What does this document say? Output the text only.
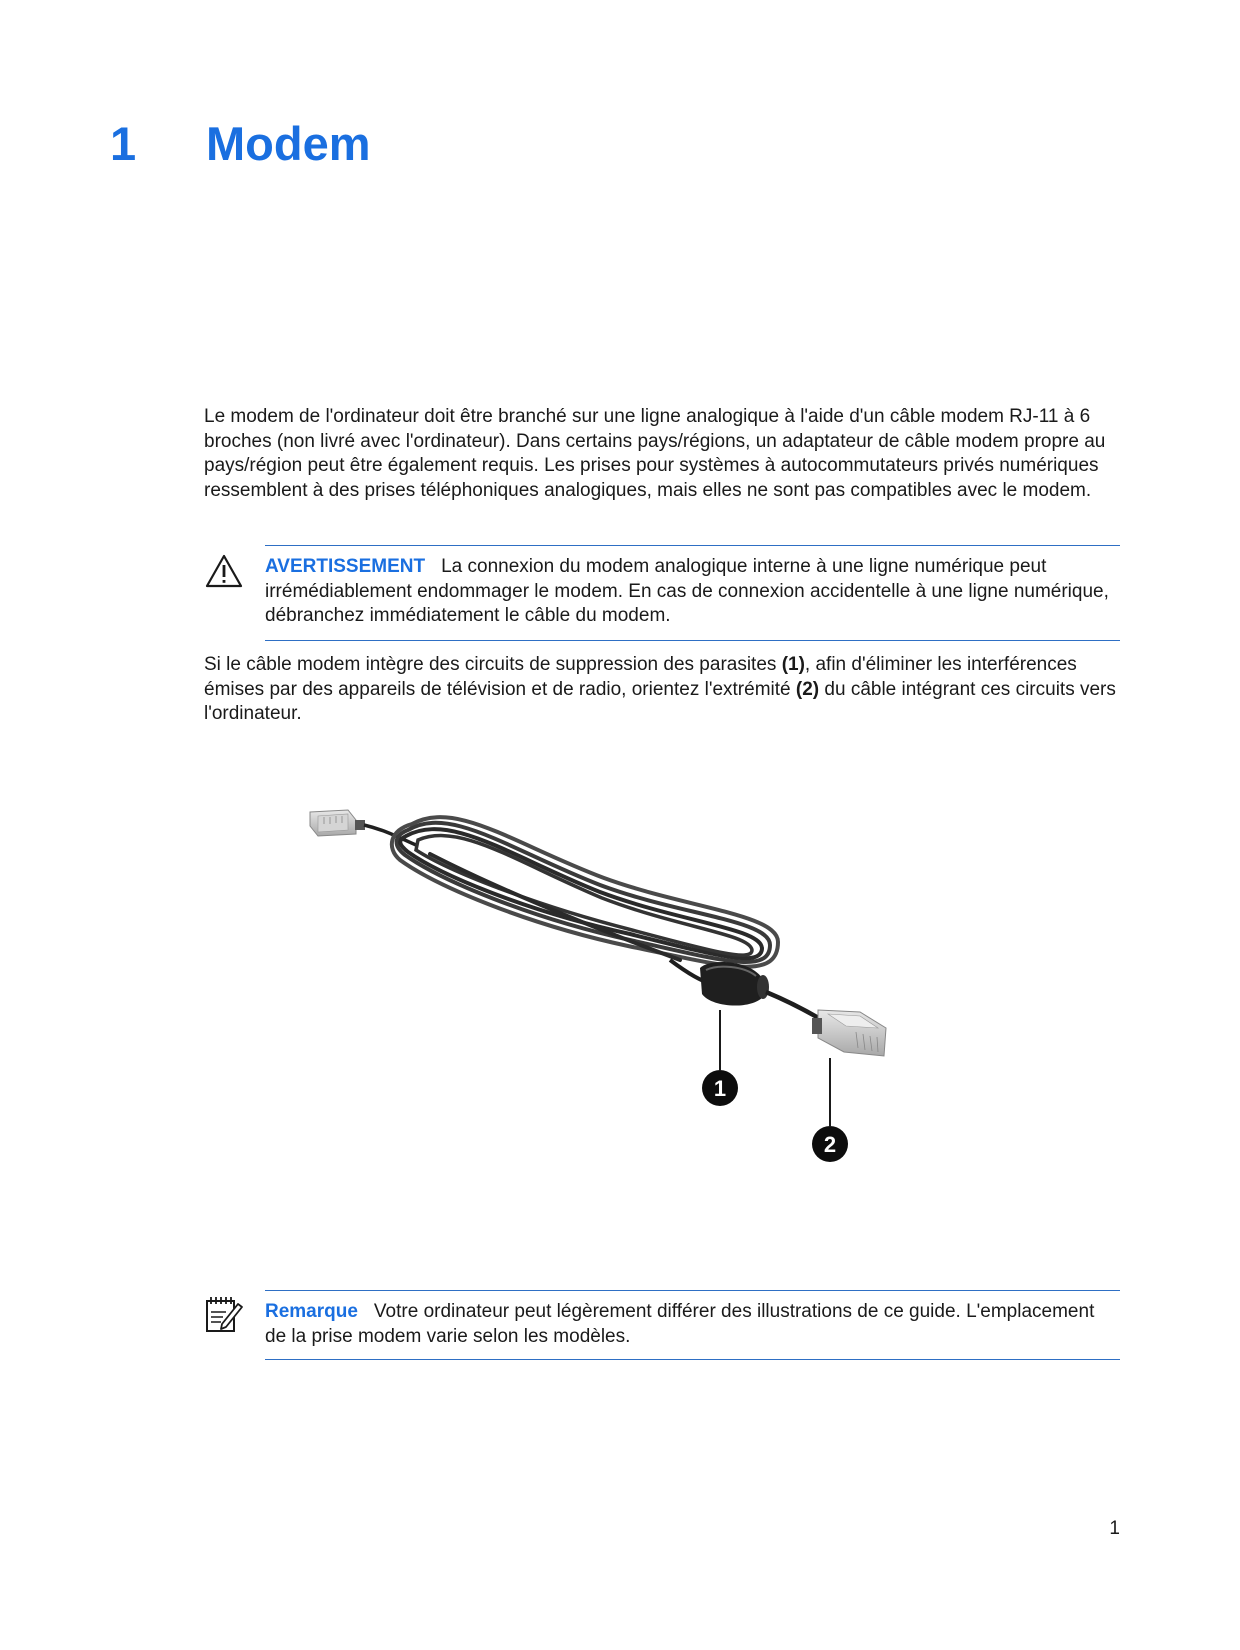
1	Modem

Le modem de l'ordinateur doit être branché sur une ligne analogique à l'aide d'un câble modem RJ-11 à 6 broches (non livré avec l'ordinateur). Dans certains pays/régions, un adaptateur de câble modem propre au pays/région peut être également requis. Les prises pour systèmes à autocommutateurs privés numériques ressemblent à des prises téléphoniques analogiques, mais elles ne sont pas compatibles avec le modem.

AVERTISSEMENT La connexion du modem analogique interne à une ligne numérique peut irrémédiablement endommager le modem. En cas de connexion accidentelle à une ligne numérique, débranchez immédiatement le câble du modem.

Si le câble modem intègre des circuits de suppression des parasites (1), afin d'éliminer les interférences émises par des appareils de télévision et de radio, orientez l'extrémité (2) du câble intégrant ces circuits vers l'ordinateur.

1
2
Remarque Votre ordinateur peut légèrement différer des illustrations de ce guide. L'emplacement de la prise modem varie selon les modèles.
1
